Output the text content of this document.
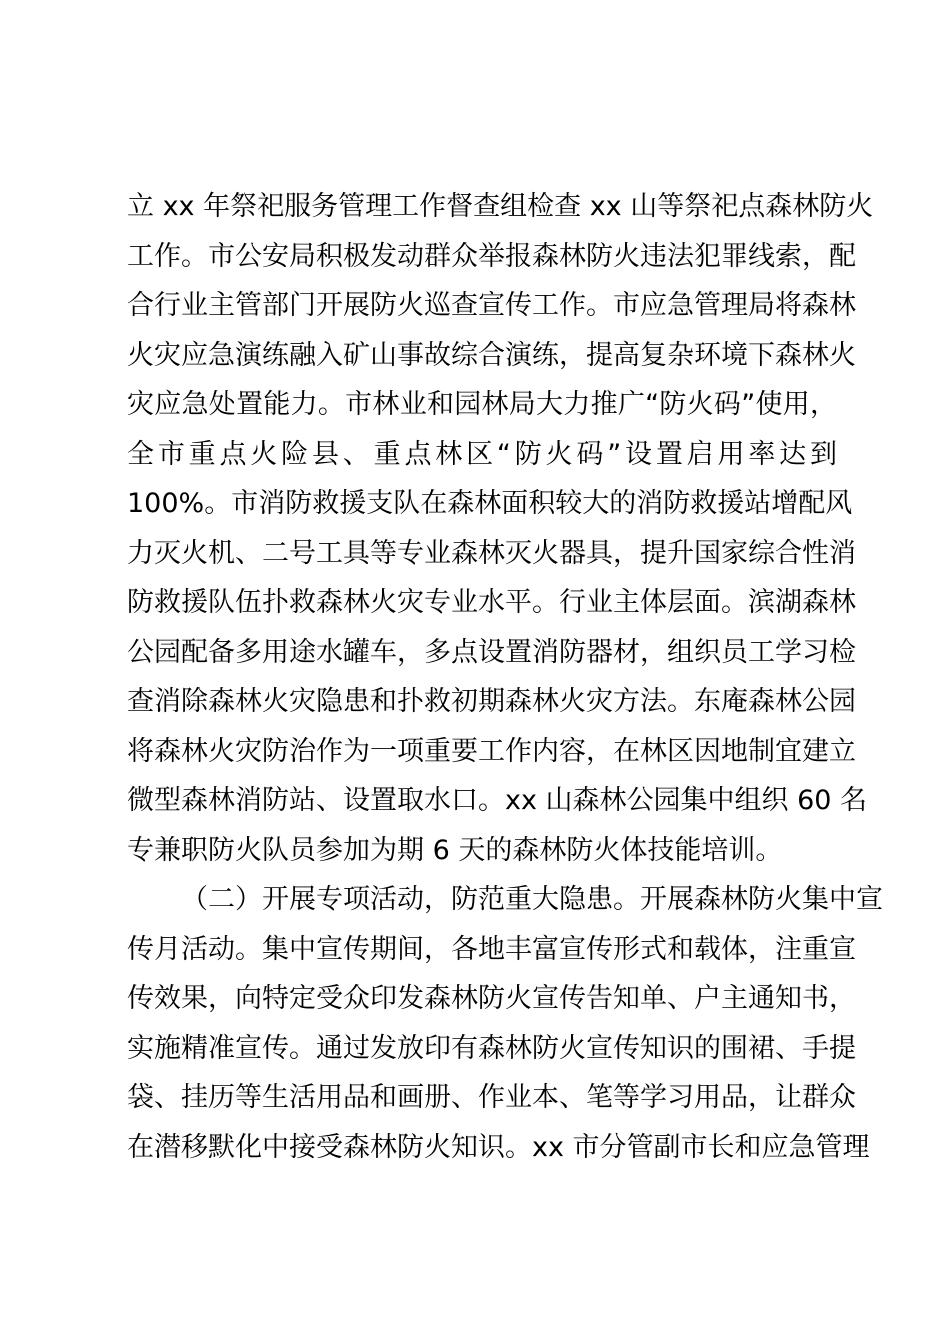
立 xx 年祭祀服务管理工作督查组检查 xx 山等祭祀点森林防火
工作。市公安局积极发动群众举报森林防火违法犯罪线索，配
合行业主管部门开展防火巡查宣传工作。市应急管理局将森林
火灾应急演练融入矿山事故综合演练，提高复杂环境下森林火
灾应急处置能力。市林业和园林局大力推广“防火码”使用，
全市重点火险县、重点林区“防火码”设置启用率达到
100%。市消防救援支队在森林面积较大的消防救援站增配风
力灭火机、二号工具等专业森林灭火器具，提升国家综合性消
防救援队伍扑救森林火灾专业水平。行业主体层面。滨湖森林
公园配备多用途水罐车，多点设置消防器材，组织员工学习检
查消除森林火灾隐患和扑救初期森林火灾方法。东庵森林公园
将森林火灾防治作为一项重要工作内容，在林区因地制宜建立
微型森林消防站、设置取水口。xx 山森林公园集中组织 60 名
专兼职防火队员参加为期 6 天的森林防火体技能培训。
（二）开展专项活动，防范重大隐患。开展森林防火集中宣
传月活动。集中宣传期间，各地丰富宣传形式和载体，注重宣
传效果，向特定受众印发森林防火宣传告知单、户主通知书，
实施精准宣传。通过发放印有森林防火宣传知识的围裙、手提
袋、挂历等生活用品和画册、作业本、笔等学习用品，让群众
在潜移默化中接受森林防火知识。xx 市分管副市长和应急管理
